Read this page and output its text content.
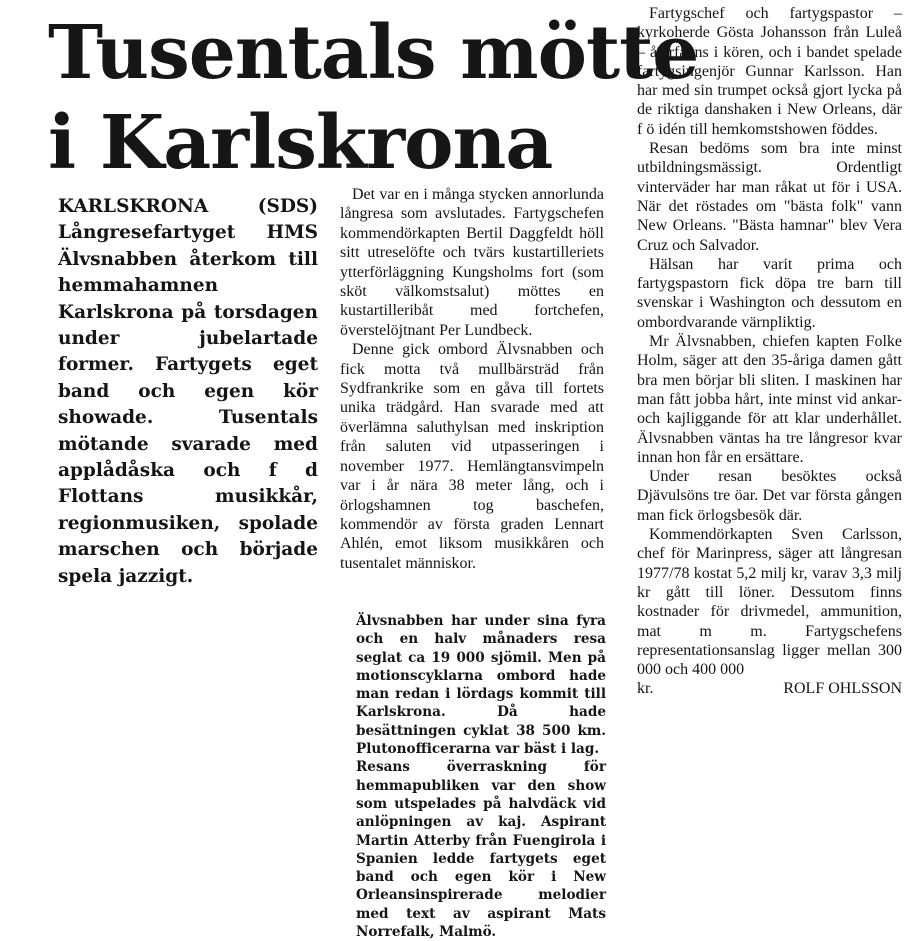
Tusentals mötte
i Karlskrona

KARLSKRONA (SDS) Långresefartyget HMS Älvsnabben återkom till hemmahamnen Karlskrona på torsdagen under jubelartade former. Fartygets eget band och egen kör showade. Tusentals mötande svarade med applådåska och f d Flottans musikkår, regionmusiken, spolade marschen och började spela jazzigt.

Det var en i många stycken annorlunda långresa som avslutades. Fartygschefen kommendörkapten Bertil Daggfeldt höll sitt utreselöfte och tvärs kustartilleriets ytterförläggning Kungsholms fort (som sköt välkomstsalut) möttes en kustartilleribåt med fortchefen, överstelöjtnant Per Lundbeck.

Denne gick ombord Älvsnabben och fick motta två mullbärsträd från Sydfrankrike som en gåva till fortets unika trädgård. Han svarade med att överlämna saluthylsan med inskription från saluten vid utpasseringen i november 1977. Hemlängtansvimpeln var i år nära 38 meter lång, och i örlogshamnen tog baschefen, kommendör av första graden Lennart Ahlén, emot liksom musikkåren och tusentalet människor.

Älvsnabben har under sina fyra och en halv månaders resa seglat ca 19 000 sjömil. Men på motionscyklarna ombord hade man redan i lördags kommit till Karlskrona. Då hade besättningen cyklat 38 500 km. Plutonofficerarna var bäst i lag.

Resans överraskning för hemmapubliken var den show som utspelades på halvdäck vid anlöpningen av kaj. Aspirant Martin Atterby från Fuengirola i Spanien ledde fartygets eget band och egen kör i New Orleansinspirerade melodier med text av aspirant Mats Norrefalk, Malmö.

Fartygschef och fartygspastor – kyrkoherde Gösta Johansson från Luleå – återfanns i kören, och i bandet spelade fartygsingenjör Gunnar Karlsson. Han har med sin trumpet också gjort lycka på de riktiga danshaken i New Orleans, där f ö idén till hemkomstshowen föddes.

Resan bedöms som bra inte minst utbildningsmässigt. Ordentligt vinterväder har man råkat ut för i USA. När det röstades om "bästa folk" vann New Orleans. "Bästa hamnar" blev Vera Cruz och Salvador.

Hälsan har varit prima och fartygspastorn fick döpa tre barn till svenskar i Washington och dessutom en ombordvarande värnpliktig.

Mr Älvsnabben, chiefen kapten Folke Holm, säger att den 35-åriga damen gått bra men börjar bli sliten. I maskinen har man fått jobba hårt, inte minst vid ankar- och kajliggande för att klar underhållet. Älvsnabben väntas ha tre långresor kvar innan hon får en ersättare.

Under resan besöktes också Djävulsöns tre öar. Det var första gången man fick örlogsbesök där.

Kommendörkapten Sven Carlsson, chef för Marinpress, säger att långresan 1977/78 kostat 5,2 milj kr, varav 3,3 milj kr gått till löner. Dessutom finns kostnader för drivmedel, ammunition, mat m m. Fartygschefens representationsanslag ligger mellan 300 000 och 400 000

kr.	ROLF OHLSSON
